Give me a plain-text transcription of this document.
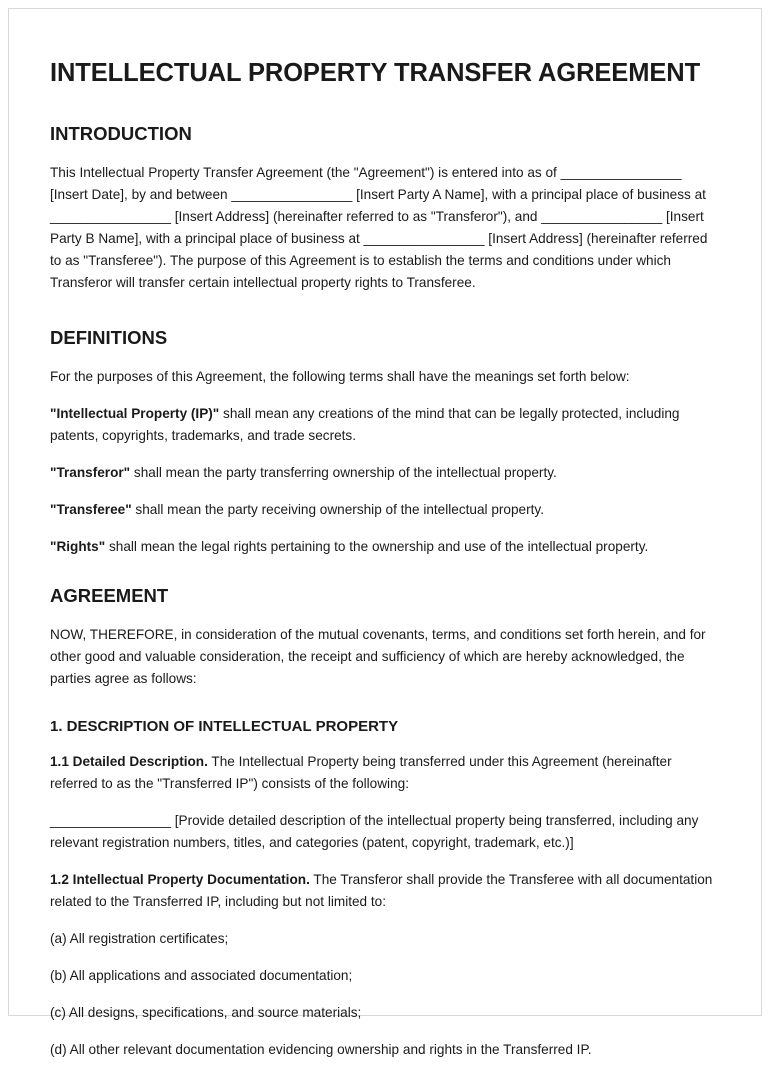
INTELLECTUAL PROPERTY TRANSFER AGREEMENT
INTRODUCTION

This Intellectual Property Transfer Agreement (the "Agreement") is entered into as of ________________ [Insert Date], by and between ________________ [Insert Party A Name], with a principal place of business at ________________ [Insert Address] (hereinafter referred to as "Transferor"), and ________________ [Insert Party B Name], with a principal place of business at ________________ [Insert Address] (hereinafter referred to as "Transferee"). The purpose of this Agreement is to establish the terms and conditions under which Transferor will transfer certain intellectual property rights to Transferee.

DEFINITIONS

For the purposes of this Agreement, the following terms shall have the meanings set forth below:

"Intellectual Property (IP)" shall mean any creations of the mind that can be legally protected, including patents, copyrights, trademarks, and trade secrets.

"Transferor" shall mean the party transferring ownership of the intellectual property.

"Transferee" shall mean the party receiving ownership of the intellectual property.

"Rights" shall mean the legal rights pertaining to the ownership and use of the intellectual property.

AGREEMENT

NOW, THEREFORE, in consideration of the mutual covenants, terms, and conditions set forth herein, and for other good and valuable consideration, the receipt and sufficiency of which are hereby acknowledged, the parties agree as follows:

1. DESCRIPTION OF INTELLECTUAL PROPERTY

1.1 Detailed Description. The Intellectual Property being transferred under this Agreement (hereinafter referred to as the "Transferred IP") consists of the following:

________________ [Provide detailed description of the intellectual property being transferred, including any relevant registration numbers, titles, and categories (patent, copyright, trademark, etc.)]

1.2 Intellectual Property Documentation. The Transferor shall provide the Transferee with all documentation related to the Transferred IP, including but not limited to:

(a) All registration certificates;

(b) All applications and associated documentation;

(c) All designs, specifications, and source materials;

(d) All other relevant documentation evidencing ownership and rights in the Transferred IP.
